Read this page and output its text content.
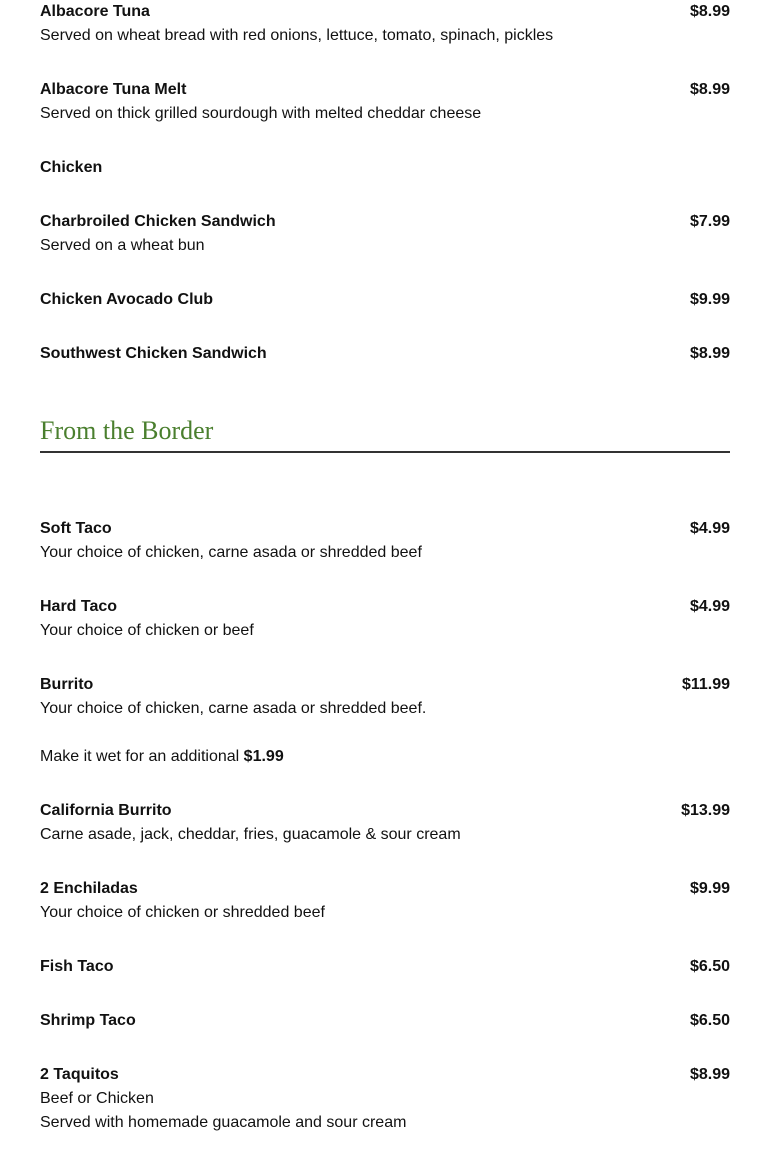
Albacore Tuna	$8.99
Served on wheat bread with red onions, lettuce, tomato, spinach, pickles
Albacore Tuna Melt	$8.99
Served on thick grilled sourdough with melted cheddar cheese
Chicken
Charbroiled Chicken Sandwich	$7.99
Served on a wheat bun
Chicken Avocado Club	$9.99
Southwest Chicken Sandwich	$8.99
From the Border
Soft Taco	$4.99
Your choice of chicken, carne asada or shredded beef
Hard Taco	$4.99
Your choice of chicken or beef
Burrito	$11.99
Your choice of chicken, carne asada or shredded beef.
Make it wet for an additional $1.99
California Burrito	$13.99
Carne asade, jack, cheddar, fries, guacamole & sour cream
2 Enchiladas	$9.99
Your choice of chicken or shredded beef
Fish Taco	$6.50
Shrimp Taco	$6.50
2 Taquitos	$8.99
Beef or Chicken
Served with homemade guacamole and sour cream
